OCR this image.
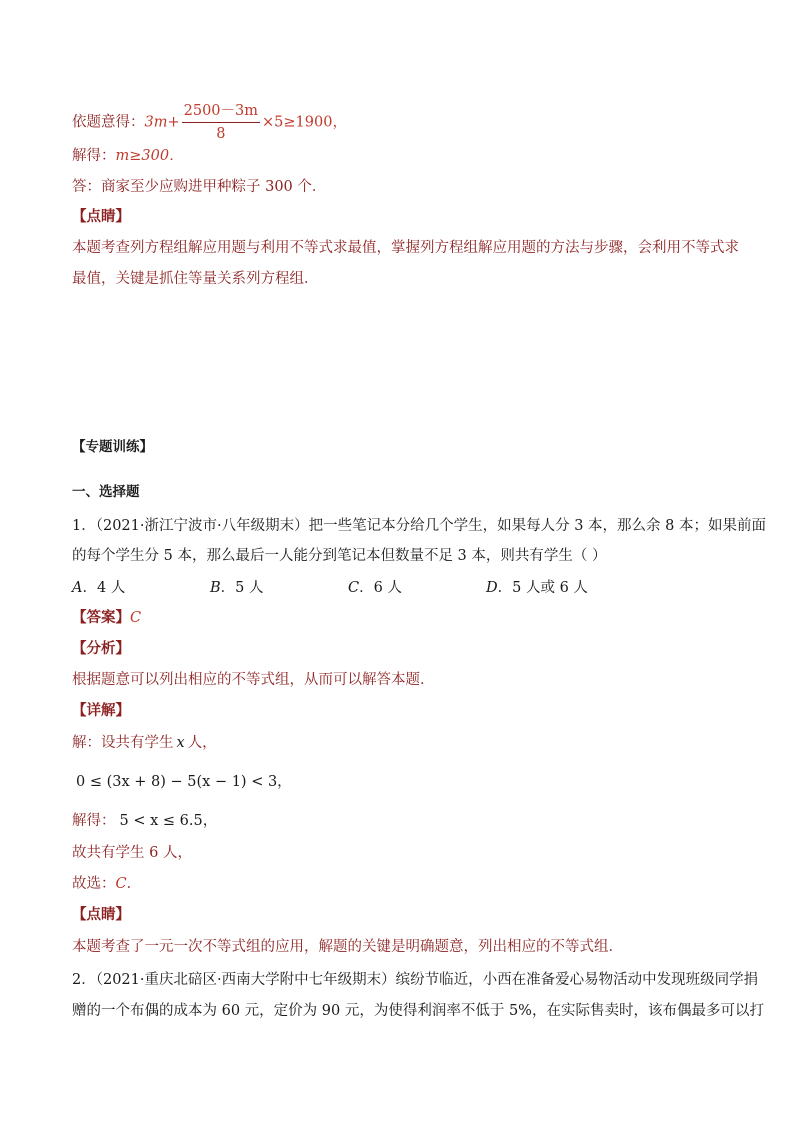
依题意得：$3m+ \frac{2500-3m}{8} \times 5\ge 1900$，
解得：m≥300．
答：商家至少应购进甲种粽子 300 个．
【点睛】
本题考查列方程组解应用题与利用不等式求最值，掌握列方程组解应用题的方法与步骤，会利用不等式求
最值，关键是抓住等量关系列方程组．
【专题训练】
一、选择题
1．（2021·浙江宁波市·八年级期末）把一些笔记本分给几个学生，如果每人分 3 本，那么余 8 本；如果前面
的每个学生分 5 本，那么最后一人能分到笔记本但数量不足 3 本，则共有学生（ ）
A．4 人	B．5 人	C．6 人	D．5 人或 6 人
【答案】C
【分析】
根据题意可以列出相应的不等式组，从而可以解答本题．
【详解】
解：设共有学生 x 人，
0 ≤ (3x + 8) − 5(x − 1) < 3，
解得： 5 < x ≤ 6.5，
故共有学生 6 人，
故选：C．
【点睛】
本题考查了一元一次不等式组的应用，解题的关键是明确题意，列出相应的不等式组．
2．（2021·重庆北碚区·西南大学附中七年级期末）缤纷节临近，小西在准备爱心易物活动中发现班级同学捐
赠的一个布偶的成本为 60 元，定价为 90 元，为使得利润率不低于 5%，在实际售卖时，该布偶最多可以打
